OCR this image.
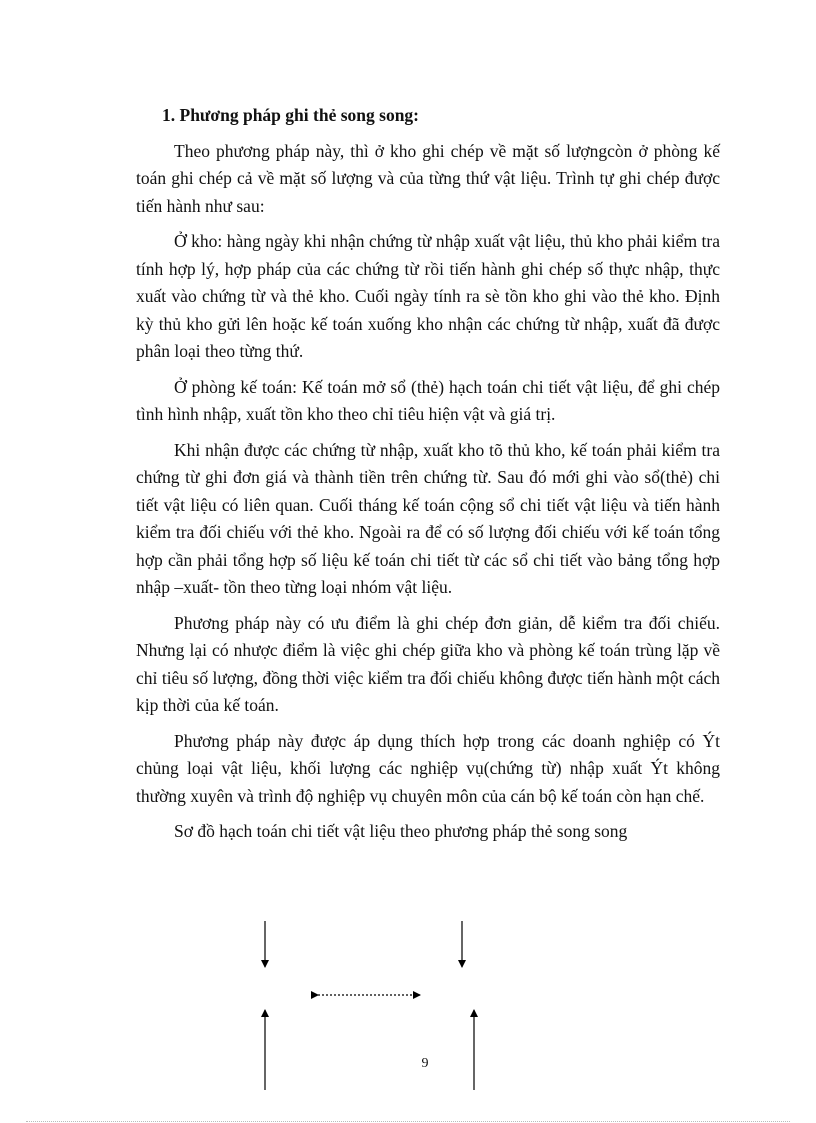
1. Phương pháp ghi thẻ song song:

Theo phương pháp này, thì ở kho ghi chép về mặt số lượngcòn ở phòng kế toán ghi chép cả về mặt số lượng và của từng thứ vật liệu. Trình tự ghi chép được tiến hành như sau:

Ở kho: hàng ngày khi nhận chứng từ nhập xuất vật liệu, thủ kho phải kiểm tra tính hợp lý, hợp pháp của các chứng từ rồi tiến hành ghi chép số thực nhập, thực xuất vào chứng từ và thẻ kho. Cuối ngày tính ra sè tồn kho ghi vào thẻ kho. Định kỳ thủ kho gửi lên hoặc kế toán xuống kho nhận các chứng từ nhập, xuất đã được phân loại theo từng thứ.

Ở phòng kế toán: Kế toán mở sổ (thẻ) hạch toán chi tiết vật liệu, để ghi chép tình hình nhập, xuất tồn kho theo chỉ tiêu hiện vật và giá trị.

Khi nhận được các chứng từ nhập, xuất kho tõ thủ kho, kế toán phải kiểm tra chứng từ ghi đơn giá và thành tiền trên chứng từ. Sau đó mới ghi vào sổ(thẻ) chi tiết vật liệu có liên quan. Cuối tháng kế toán cộng sổ chi tiết vật liệu và tiến hành kiểm tra đối chiếu với thẻ kho. Ngoài ra để có số lượng đối chiếu với kế toán tổng hợp cần phải tổng hợp số liệu kế toán chi tiết từ các sổ chi tiết vào bảng tổng hợp nhập –xuất- tồn theo từng loại nhóm vật liệu.

Phương pháp này có ưu điểm là ghi chép đơn giản, dễ kiểm tra đối chiếu. Nhưng lại có nhược điểm là việc ghi chép giữa kho và phòng kế toán trùng lặp về chỉ tiêu số lượng, đồng thời việc kiểm tra đối chiếu không được tiến hành một cách kịp thời của kế toán.

Phương pháp này được áp dụng thích hợp trong các doanh nghiệp có Ýt chủng loại vật liệu, khối lượng các nghiệp vụ(chứng từ) nhập xuất Ýt không thường xuyên và trình độ nghiệp vụ chuyên môn của cán bộ kế toán còn hạn chế.

Sơ đồ hạch toán chi tiết vật liệu theo phương pháp thẻ song song

9
